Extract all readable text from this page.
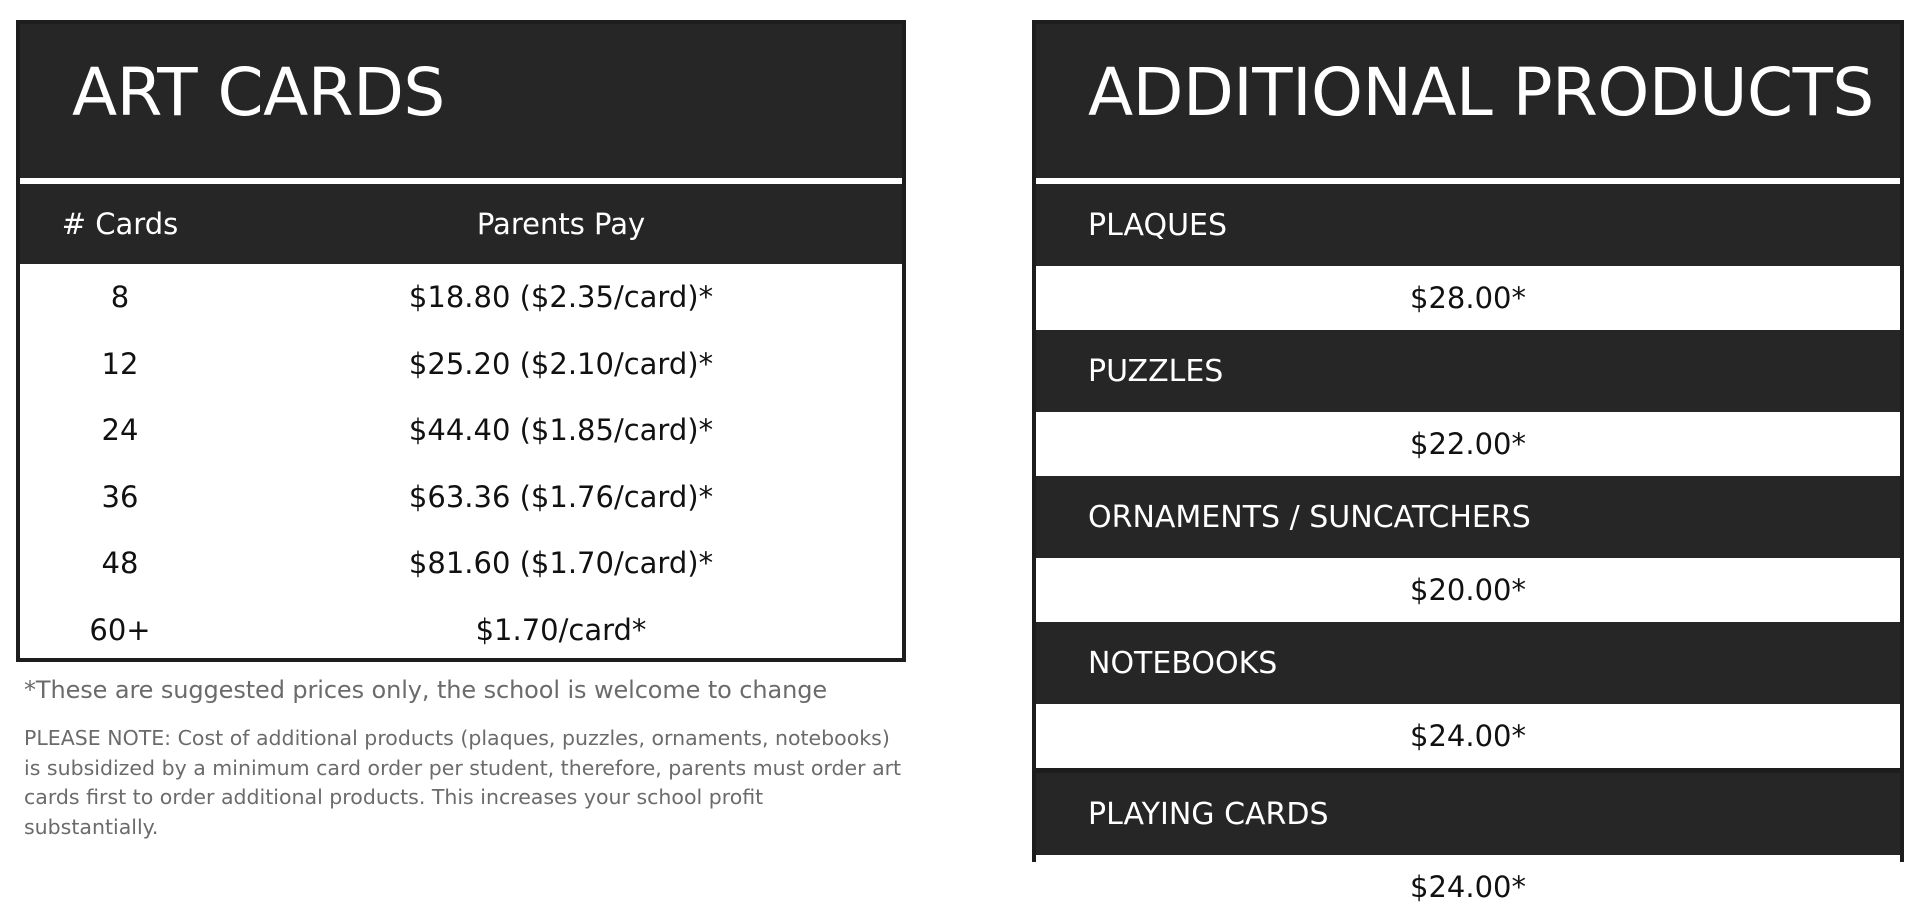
ART CARDS
# Cards	Parents Pay
8	$18.80 ($2.35/card)*
12	$25.20 ($2.10/card)*
24	$44.40 ($1.85/card)*
36	$63.36 ($1.76/card)*
48	$81.60 ($1.70/card)*
60+	$1.70/card*
*These are suggested prices only, the school is welcome to change
PLEASE NOTE: Cost of additional products (plaques, puzzles, ornaments, notebooks) is subsidized by a minimum card order per student, therefore, parents must order art cards first to order additional products. This increases your school profit substantially.
ADDITIONAL PRODUCTS
PLAQUES
$28.00*
PUZZLES
$22.00*
ORNAMENTS / SUNCATCHERS
$20.00*
NOTEBOOKS
$24.00*
PLAYING CARDS
$24.00*
